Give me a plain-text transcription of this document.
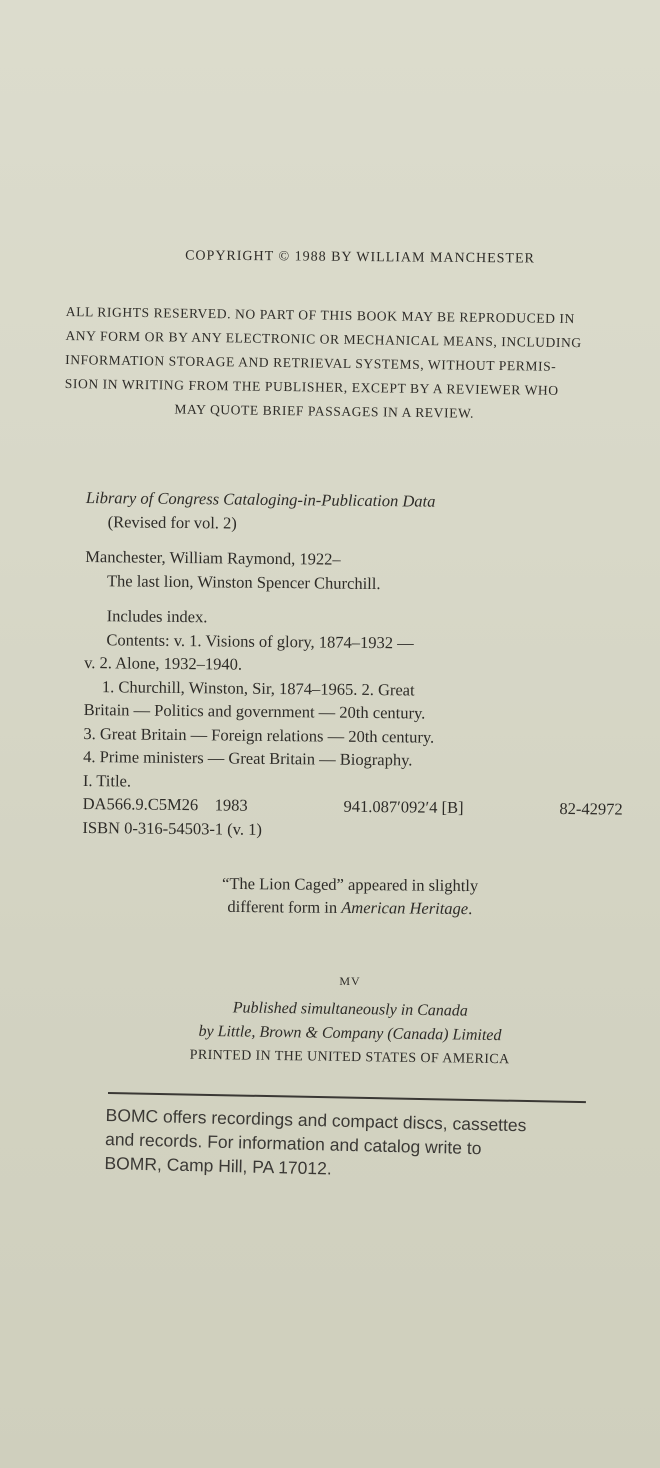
COPYRIGHT © 1988 BY WILLIAM MANCHESTER
ALL RIGHTS RESERVED. NO PART OF THIS BOOK MAY BE REPRODUCED IN
ANY FORM OR BY ANY ELECTRONIC OR MECHANICAL MEANS, INCLUDING
INFORMATION STORAGE AND RETRIEVAL SYSTEMS, WITHOUT PERMIS-
SION IN WRITING FROM THE PUBLISHER, EXCEPT BY A REVIEWER WHO
MAY QUOTE BRIEF PASSAGES IN A REVIEW.
Library of Congress Cataloging-in-Publication Data
(Revised for vol. 2)
Manchester, William Raymond, 1922–
The last lion, Winston Spencer Churchill.
Includes index.
Contents: v. 1. Visions of glory, 1874–1932 —
v. 2. Alone, 1932–1940.
1. Churchill, Winston, Sir, 1874–1965. 2. Great
Britain — Politics and government — 20th century.
3. Great Britain — Foreign relations — 20th century.
4. Prime ministers — Great Britain — Biography.
I. Title.
DA566.9.C5M26 1983	941.087′092′4 [B]	82-42972
ISBN 0-316-54503-1 (v. 1)
“The Lion Caged” appeared in slightly
different form in American Heritage.
MV
Published simultaneously in Canada
by Little, Brown & Company (Canada) Limited
PRINTED IN THE UNITED STATES OF AMERICA
BOMC offers recordings and compact discs, cassettes
and records. For information and catalog write to
BOMR, Camp Hill, PA 17012.
